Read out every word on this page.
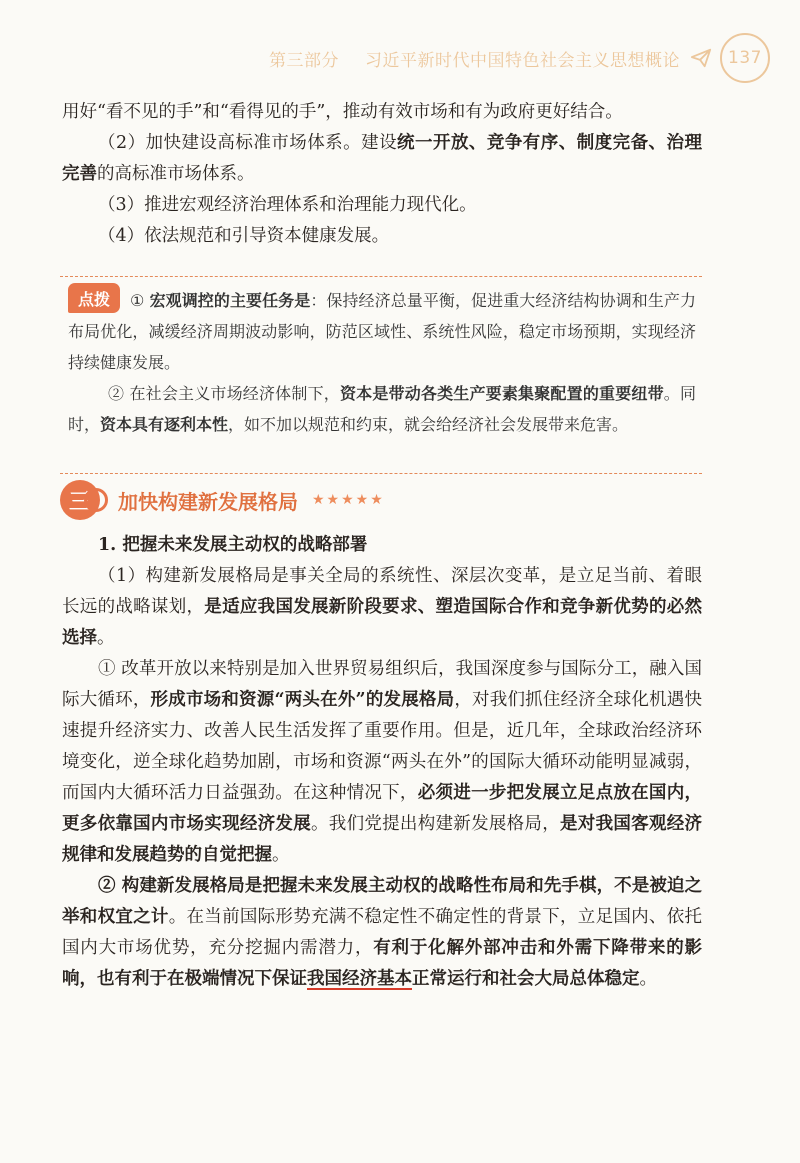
第三部分 习近平新时代中国特色社会主义思想概论	137

用好“看不见的手”和“看得见的手”，推动有效市场和有为政府更好结合。

（2）加快建设高标准市场体系。建设统一开放、竞争有序、制度完备、治理完善的高标准市场体系。

（3）推进宏观经济治理体系和治理能力现代化。

（4）依法规范和引导资本健康发展。

① 宏观调控的主要任务是：保持经济总量平衡，促进重大经济结构协调和生产力布局优化，减缓经济周期波动影响，防范区域性、系统性风险，稳定市场预期，实现经济持续健康发展。

② 在社会主义市场经济体制下，资本是带动各类生产要素集聚配置的重要纽带。同时，资本具有逐利本性，如不加以规范和约束，就会给经济社会发展带来危害。

点拨
三 加快构建新发展格局 ★★★★★

1. 把握未来发展主动权的战略部署

（1）构建新发展格局是事关全局的系统性、深层次变革，是立足当前、着眼长远的战略谋划，是适应我国发展新阶段要求、塑造国际合作和竞争新优势的必然选择。

① 改革开放以来特别是加入世界贸易组织后，我国深度参与国际分工，融入国际大循环，形成市场和资源“两头在外”的发展格局，对我们抓住经济全球化机遇快速提升经济实力、改善人民生活发挥了重要作用。但是，近几年，全球政治经济环境变化，逆全球化趋势加剧，市场和资源“两头在外”的国际大循环动能明显减弱，而国内大循环活力日益强劲。在这种情况下，必须进一步把发展立足点放在国内，更多依靠国内市场实现经济发展。我们党提出构建新发展格局，是对我国客观经济规律和发展趋势的自觉把握。

② 构建新发展格局是把握未来发展主动权的战略性布局和先手棋，不是被迫之举和权宜之计。在当前国际形势充满不稳定性不确定性的背景下，立足国内、依托国内大市场优势，充分挖掘内需潜力，有利于化解外部冲击和外需下降带来的影响，也有利于在极端情况下保证我国经济基本正常运行和社会大局总体稳定。
